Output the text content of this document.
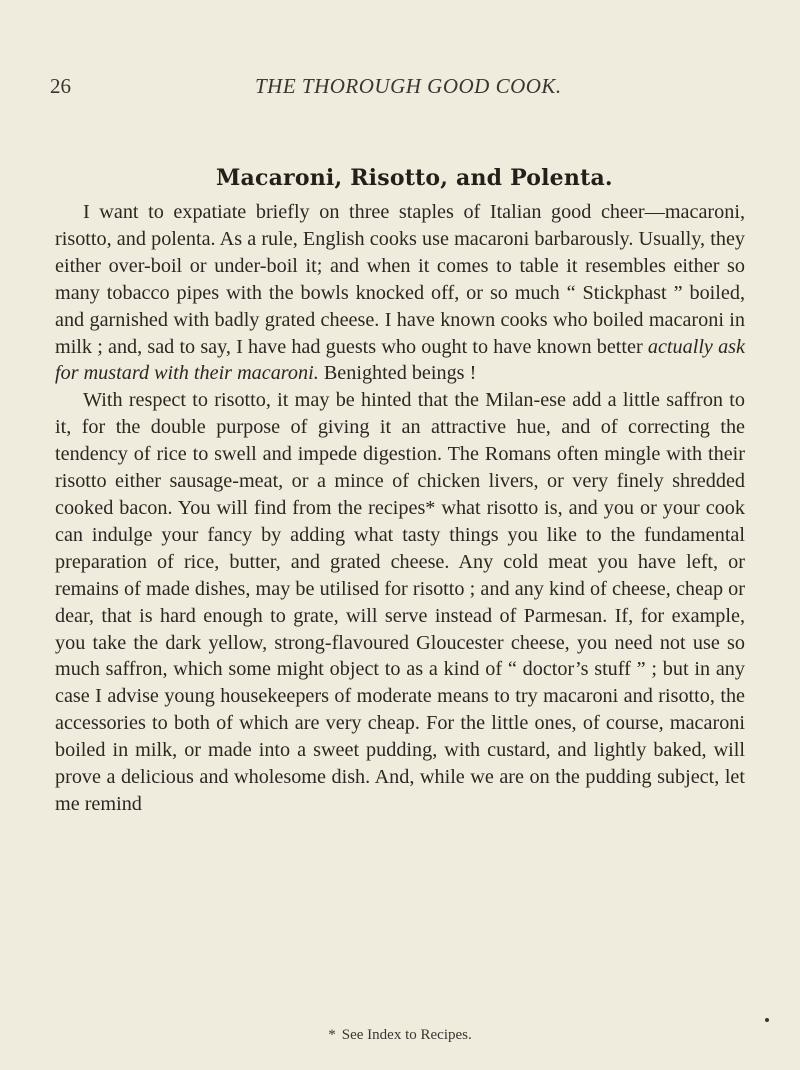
26	THE THOROUGH GOOD COOK.
Macaroni, Risotto, and Polenta.

I want to expatiate briefly on three staples of Italian good cheer—macaroni, risotto, and polenta. As a rule, English cooks use macaroni barbarously. Usually, they either over-boil or under-boil it; and when it comes to table it resembles either so many tobacco pipes with the bowls knocked off, or so much “ Stickphast ” boiled, and garnished with badly grated cheese. I have known cooks who boiled macaroni in milk ; and, sad to say, I have had guests who ought to have known better actually ask for mustard with their macaroni. Benighted beings !

With respect to risotto, it may be hinted that the Milan-ese add a little saffron to it, for the double purpose of giving it an attractive hue, and of correcting the tendency of rice to swell and impede digestion. The Romans often mingle with their risotto either sausage-meat, or a mince of chicken livers, or very finely shredded cooked bacon. You will find from the recipes* what risotto is, and you or your cook can indulge your fancy by adding what tasty things you like to the fundamental preparation of rice, butter, and grated cheese. Any cold meat you have left, or remains of made dishes, may be utilised for risotto ; and any kind of cheese, cheap or dear, that is hard enough to grate, will serve instead of Parmesan. If, for example, you take the dark yellow, strong-flavoured Gloucester cheese, you need not use so much saffron, which some might object to as a kind of “ doctor’s stuff ” ; but in any case I advise young housekeepers of moderate means to try macaroni and risotto, the accessories to both of which are very cheap. For the little ones, of course, macaroni boiled in milk, or made into a sweet pudding, with custard, and lightly baked, will prove a delicious and wholesome dish. And, while we are on the pudding subject, let me remind

* See Index to Recipes.
